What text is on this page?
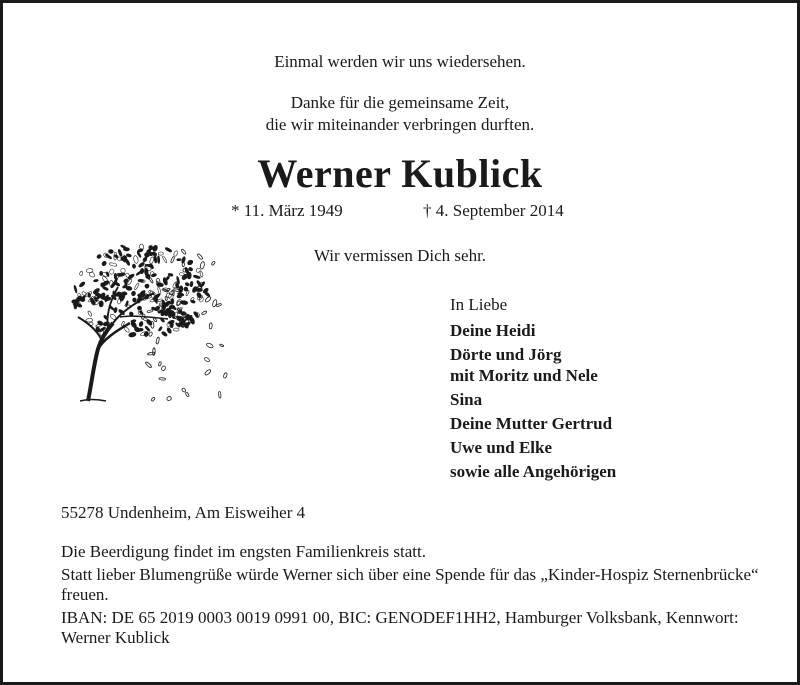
Einmal werden wir uns wiedersehen.
Danke für die gemeinsame Zeit,
die wir miteinander verbringen durften.
Werner Kublick
* 11. März 1949	† 4. September 2014
Wir vermissen Dich sehr.
In Liebe
Deine Heidi
Dörte und Jörg
mit Moritz und Nele
Sina
Deine Mutter Gertrud
Uwe und Elke
sowie alle Angehörigen
55278 Undenheim, Am Eisweiher 4

Die Beerdigung findet im engsten Familienkreis statt.

Statt lieber Blumengrüße würde Werner sich über eine Spende für das „Kinder-Hospiz Sternenbrücke“ freuen.

IBAN: DE 65 2019 0003 0019 0991 00, BIC: GENODEF1HH2, Hamburger Volksbank, Kennwort: Werner Kublick
